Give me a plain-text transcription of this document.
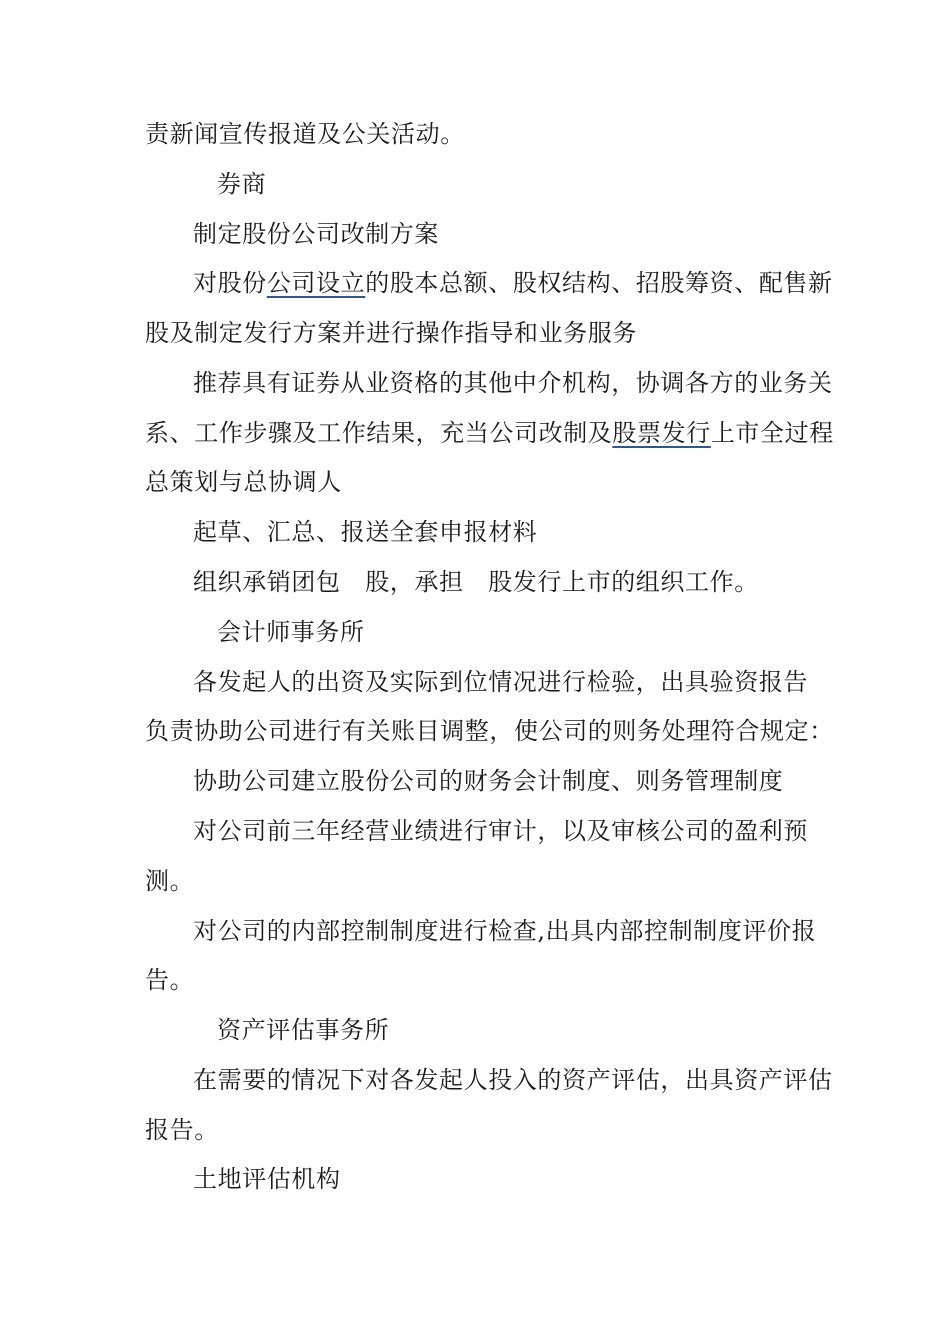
责新闻宣传报道及公关活动。
券商
制定股份公司改制方案
对股份公司设立的股本总额、股权结构、招股筹资、配售新
股及制定发行方案并进行操作指导和业务服务
推荐具有证券从业资格的其他中介机构，协调各方的业务关
系、工作步骤及工作结果，充当公司改制及股票发行上市全过程
总策划与总协调人
起草、汇总、报送全套申报材料
组织承销团包　股，承担　股发行上市的组织工作。
会计师事务所
各发起人的出资及实际到位情况进行检验，出具验资报告
负责协助公司进行有关账目调整，使公司的则务处理符合规定：
协助公司建立股份公司的财务会计制度、则务管理制度
对公司前三年经营业绩进行审计，以及审核公司的盈利预
测。
对公司的内部控制制度进行检查,出具内部控制制度评价报
告。
资产评估事务所
在需要的情况下对各发起人投入的资产评估，出具资产评估
报告。
土地评估机构
